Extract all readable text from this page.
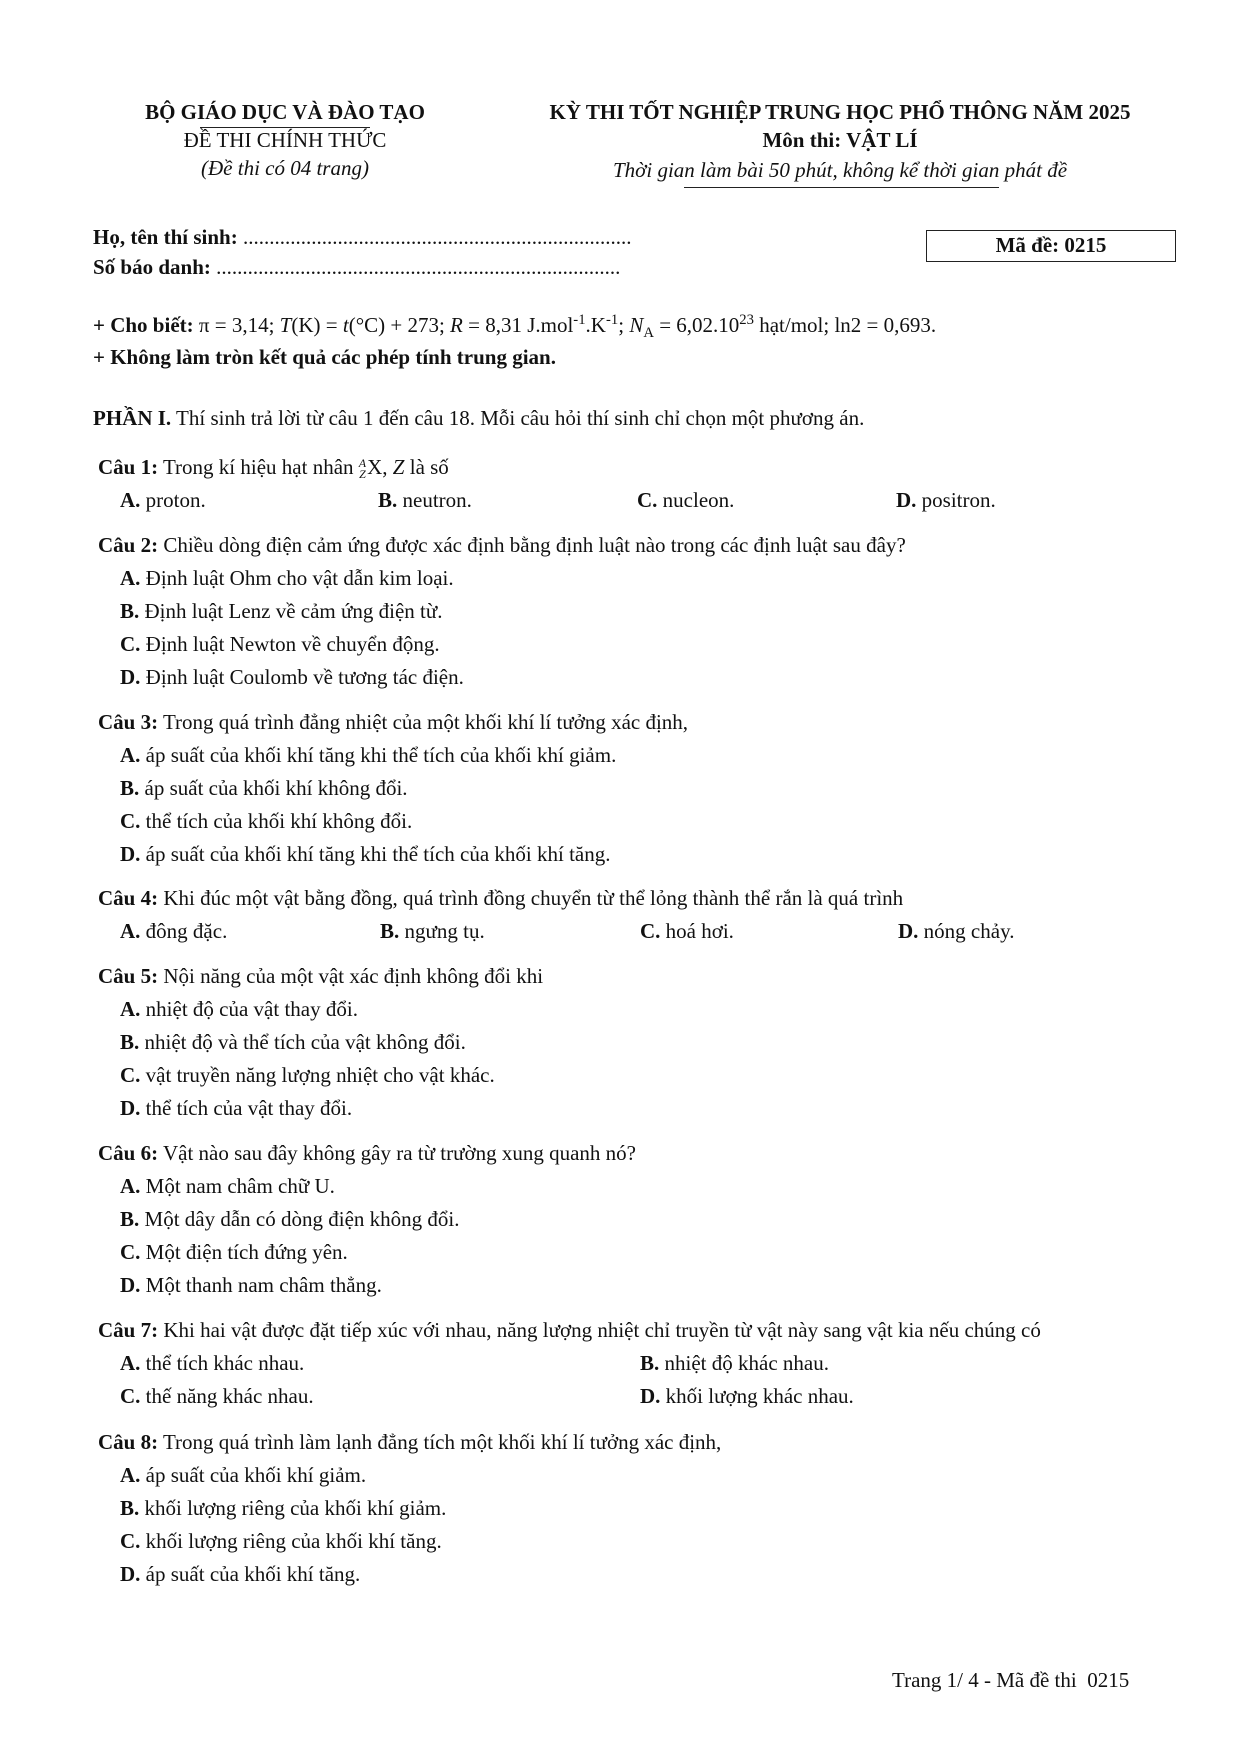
BỘ GIÁO DỤC VÀ ĐÀO TẠO
ĐỀ THI CHÍNH THỨC
(Đề thi có 04 trang)
KỲ THI TỐT NGHIỆP TRUNG HỌC PHỔ THÔNG NĂM 2025
Môn thi: VẬT LÍ
Thời gian làm bài 50 phút, không kể thời gian phát đề
Họ, tên thí sinh: ..........................................................................
Số báo danh: .............................................................................
Mã đề: 0215
+ Cho biết: π = 3,14; T(K) = t(°C) + 273; R = 8,31 $J.mol^{-1}.K^{-1}$; $N_A = 6,02.10^{23}$ hạt/mol; ln2 = 0,693.
+ Không làm tròn kết quả các phép tính trung gian.
PHẦN I. Thí sinh trả lời từ câu 1 đến câu 18. Mỗi câu hỏi thí sinh chỉ chọn một phương án.
Câu 1: Trong kí hiệu hạt nhân A
ZX, Z là số
A. proton.	B. neutron.	C. nucleon.	D. positron.
Câu 2: Chiều dòng điện cảm ứng được xác định bằng định luật nào trong các định luật sau đây?
A. Định luật Ohm cho vật dẫn kim loại.
B. Định luật Lenz về cảm ứng điện từ.
C. Định luật Newton về chuyển động.
D. Định luật Coulomb về tương tác điện.
Câu 3: Trong quá trình đẳng nhiệt của một khối khí lí tưởng xác định,
A. áp suất của khối khí tăng khi thể tích của khối khí giảm.
B. áp suất của khối khí không đổi.
C. thể tích của khối khí không đổi.
D. áp suất của khối khí tăng khi thể tích của khối khí tăng.
Câu 4: Khi đúc một vật bằng đồng, quá trình đồng chuyển từ thể lỏng thành thể rắn là quá trình
A. đông đặc.	B. ngưng tụ.	C. hoá hơi.	D. nóng chảy.
Câu 5: Nội năng của một vật xác định không đổi khi
A. nhiệt độ của vật thay đổi.
B. nhiệt độ và thể tích của vật không đổi.
C. vật truyền năng lượng nhiệt cho vật khác.
D. thể tích của vật thay đổi.
Câu 6: Vật nào sau đây không gây ra từ trường xung quanh nó?
A. Một nam châm chữ U.
B. Một dây dẫn có dòng điện không đổi.
C. Một điện tích đứng yên.
D. Một thanh nam châm thẳng.
Câu 7: Khi hai vật được đặt tiếp xúc với nhau, năng lượng nhiệt chỉ truyền từ vật này sang vật kia nếu chúng có
A. thể tích khác nhau.	B. nhiệt độ khác nhau.
C. thế năng khác nhau.	D. khối lượng khác nhau.
Câu 8: Trong quá trình làm lạnh đẳng tích một khối khí lí tưởng xác định,
A. áp suất của khối khí giảm.
B. khối lượng riêng của khối khí giảm.
C. khối lượng riêng của khối khí tăng.
D. áp suất của khối khí tăng.
Trang 1/ 4 - Mã đề thi  0215
